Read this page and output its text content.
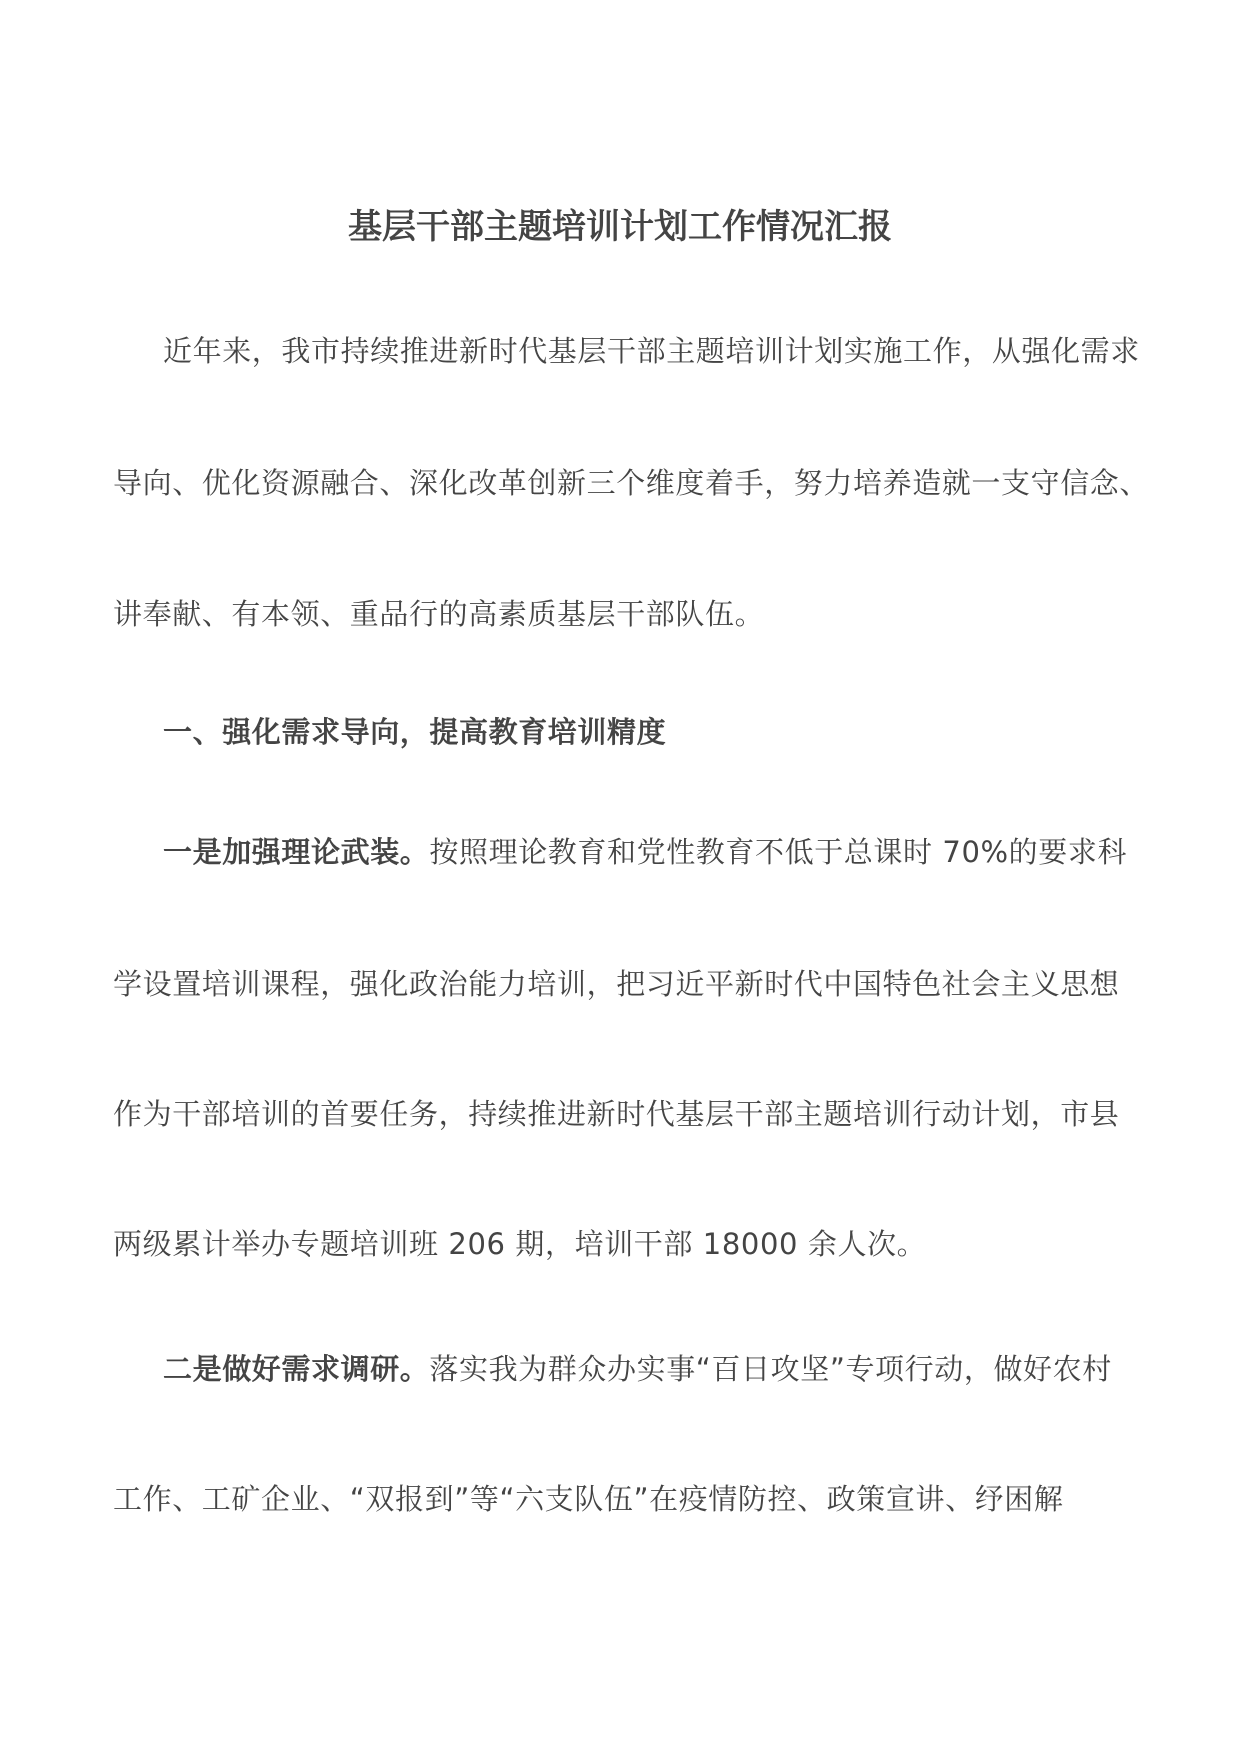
基层干部主题培训计划工作情况汇报
近年来，我市持续推进新时代基层干部主题培训计划实施工作，从强化需求
导向、优化资源融合、深化改革创新三个维度着手，努力培养造就一支守信念、
讲奉献、有本领、重品行的高素质基层干部队伍。
一、强化需求导向，提高教育培训精度
一是加强理论武装。按照理论教育和党性教育不低于总课时 70%的要求科
学设置培训课程，强化政治能力培训，把习近平新时代中国特色社会主义思想
作为干部培训的首要任务，持续推进新时代基层干部主题培训行动计划，市县
两级累计举办专题培训班 206 期，培训干部 18000 余人次。
二是做好需求调研。落实我为群众办实事“百日攻坚”专项行动，做好农村
工作、工矿企业、“双报到”等“六支队伍”在疫情防控、政策宣讲、纾困解
